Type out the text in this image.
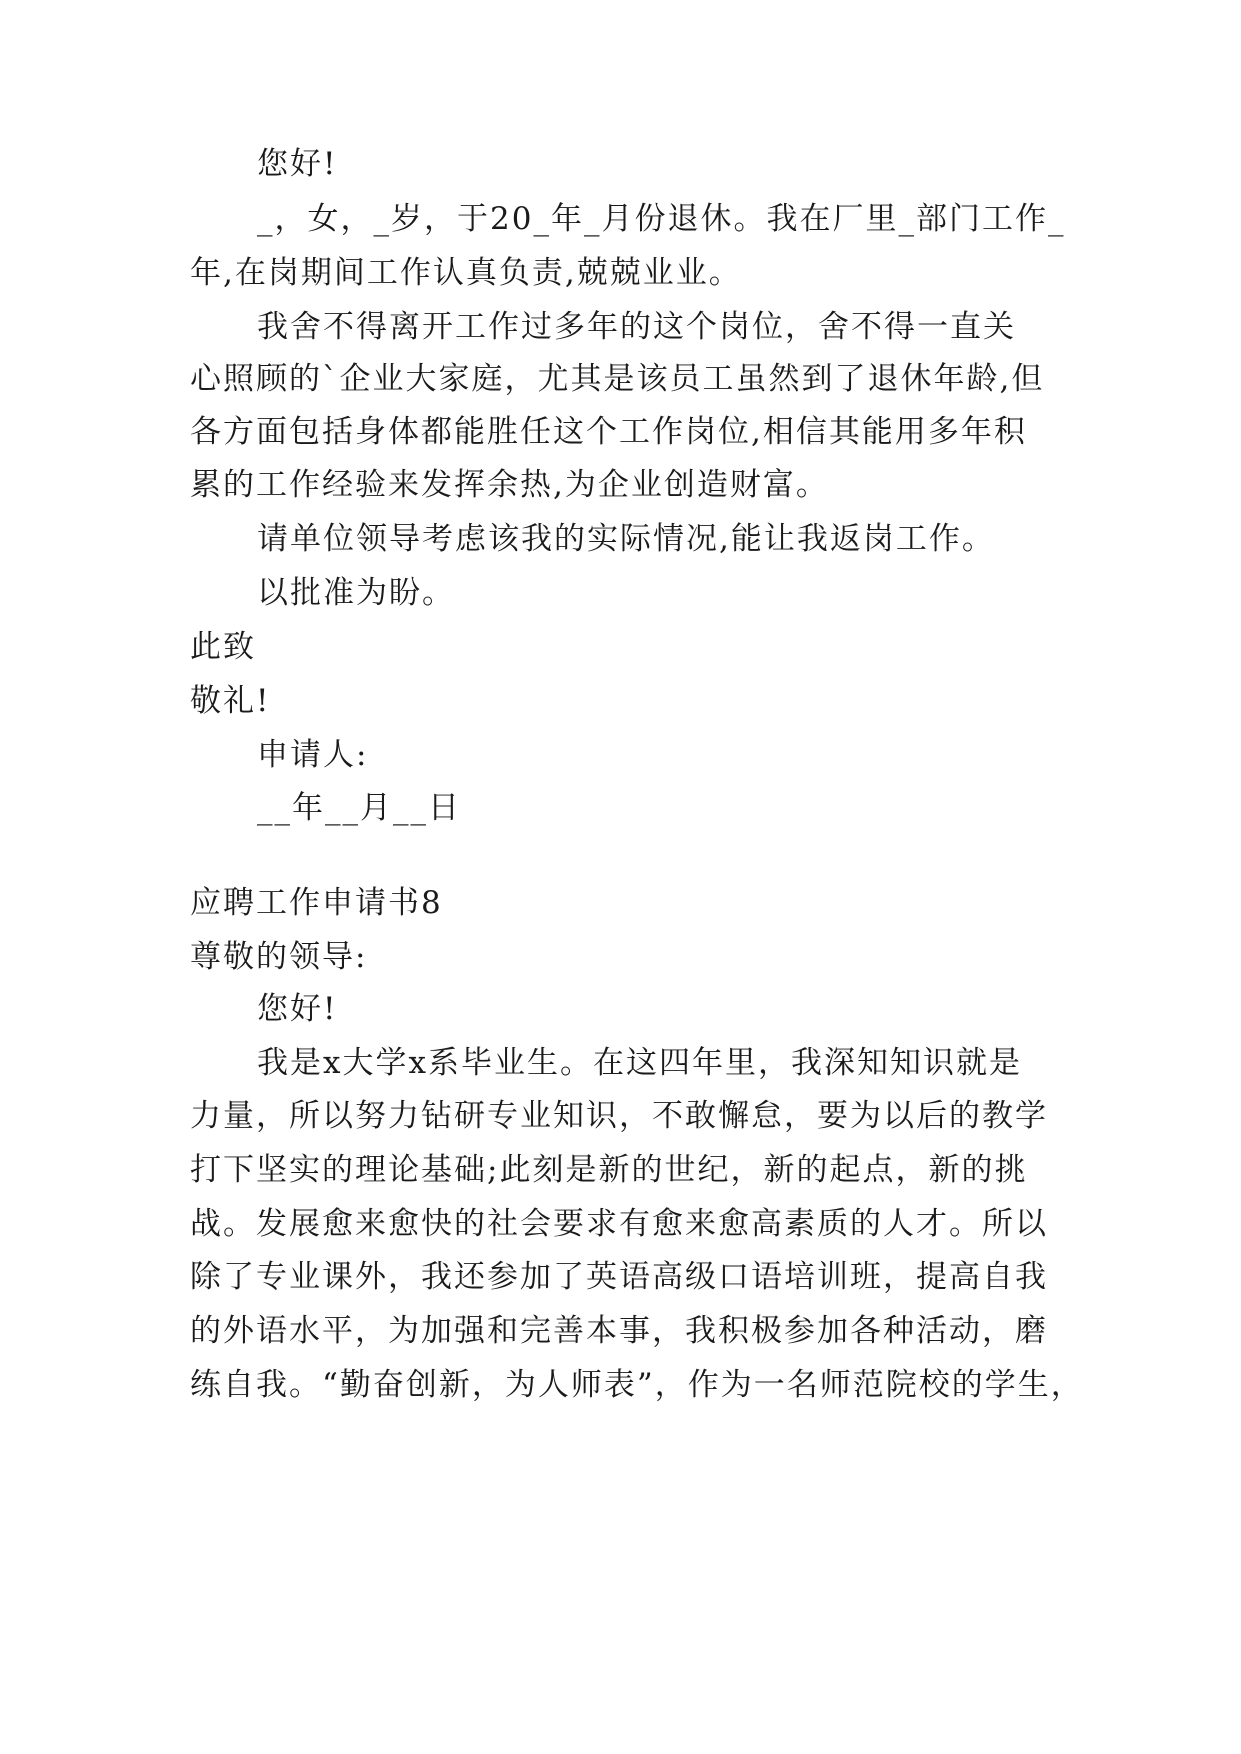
您好!
_，女，_岁，于20_年_月份退休。我在厂里_部门工作_
年,在岗期间工作认真负责,兢兢业业。
我舍不得离开工作过多年的这个岗位，舍不得一直关
心照顾的`企业大家庭，尤其是该员工虽然到了退休年龄,但
各方面包括身体都能胜任这个工作岗位,相信其能用多年积
累的工作经验来发挥余热,为企业创造财富。
请单位领导考虑该我的实际情况,能让我返岗工作。
以批准为盼。
此致
敬礼!
申请人:
__年__月__日
应聘工作申请书8
尊敬的领导:
您好!
我是x大学x系毕业生。在这四年里，我深知知识就是
力量，所以努力钻研专业知识，不敢懈怠，要为以后的教学
打下坚实的理论基础;此刻是新的世纪，新的起点，新的挑
战。发展愈来愈快的社会要求有愈来愈高素质的人才。所以
除了专业课外，我还参加了英语高级口语培训班，提高自我
的外语水平，为加强和完善本事，我积极参加各种活动，磨
练自我。“勤奋创新，为人师表”，作为一名师范院校的学生，
